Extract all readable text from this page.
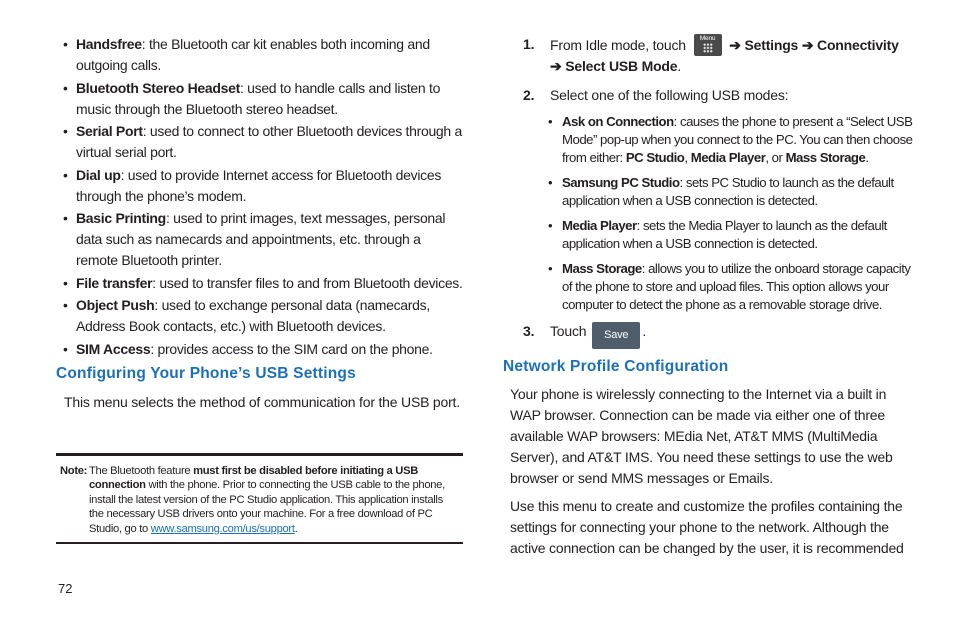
• Handsfree: the Bluetooth car kit enables both incoming and outgoing calls.
• Bluetooth Stereo Headset: used to handle calls and listen to music through the Bluetooth stereo headset.
• Serial Port: used to connect to other Bluetooth devices through a virtual serial port.
• Dial up: used to provide Internet access for Bluetooth devices through the phone’s modem.
• Basic Printing: used to print images, text messages, personal data such as namecards and appointments, etc. through a remote Bluetooth printer.
• File transfer: used to transfer files to and from Bluetooth devices.
• Object Push: used to exchange personal data (namecards, Address Book contacts, etc.) with Bluetooth devices.
• SIM Access: provides access to the SIM card on the phone.
Configuring Your Phone’s USB Settings
This menu selects the method of communication for the USB port.
Note: The Bluetooth feature must first be disabled before initiating a USB connection with the phone. Prior to connecting the USB cable to the phone, install the latest version of the PC Studio application. This application installs the necessary USB drivers onto your machine. For a free download of PC Studio, go to www.samsung.com/us/support.
72
1. From Idle mode, touch	Menu ➔ Settings ➔ Connectivity ➔ Select USB Mode.
2. Select one of the following USB modes:
• Ask on Connection: causes the phone to present a “Select USB Mode” pop-up when you connect to the PC. You can then choose from either: PC Studio, Media Player, or Mass Storage.
• Samsung PC Studio: sets PC Studio to launch as the default application when a USB connection is detected.
• Media Player: sets the Media Player to launch as the default application when a USB connection is detected.
• Mass Storage: allows you to utilize the onboard storage capacity of the phone to store and upload files. This option allows your computer to detect the phone as a removable storage drive.
3. Touch Save .
Network Profile Configuration
Your phone is wirelessly connecting to the Internet via a built in WAP browser. Connection can be made via either one of three available WAP browsers: MEdia Net, AT&T MMS (MultiMedia Server), and AT&T IMS. You need these settings to use the web browser or send MMS messages or Emails.
Use this menu to create and customize the profiles containing the settings for connecting your phone to the network. Although the active connection can be changed by the user, it is recommended
